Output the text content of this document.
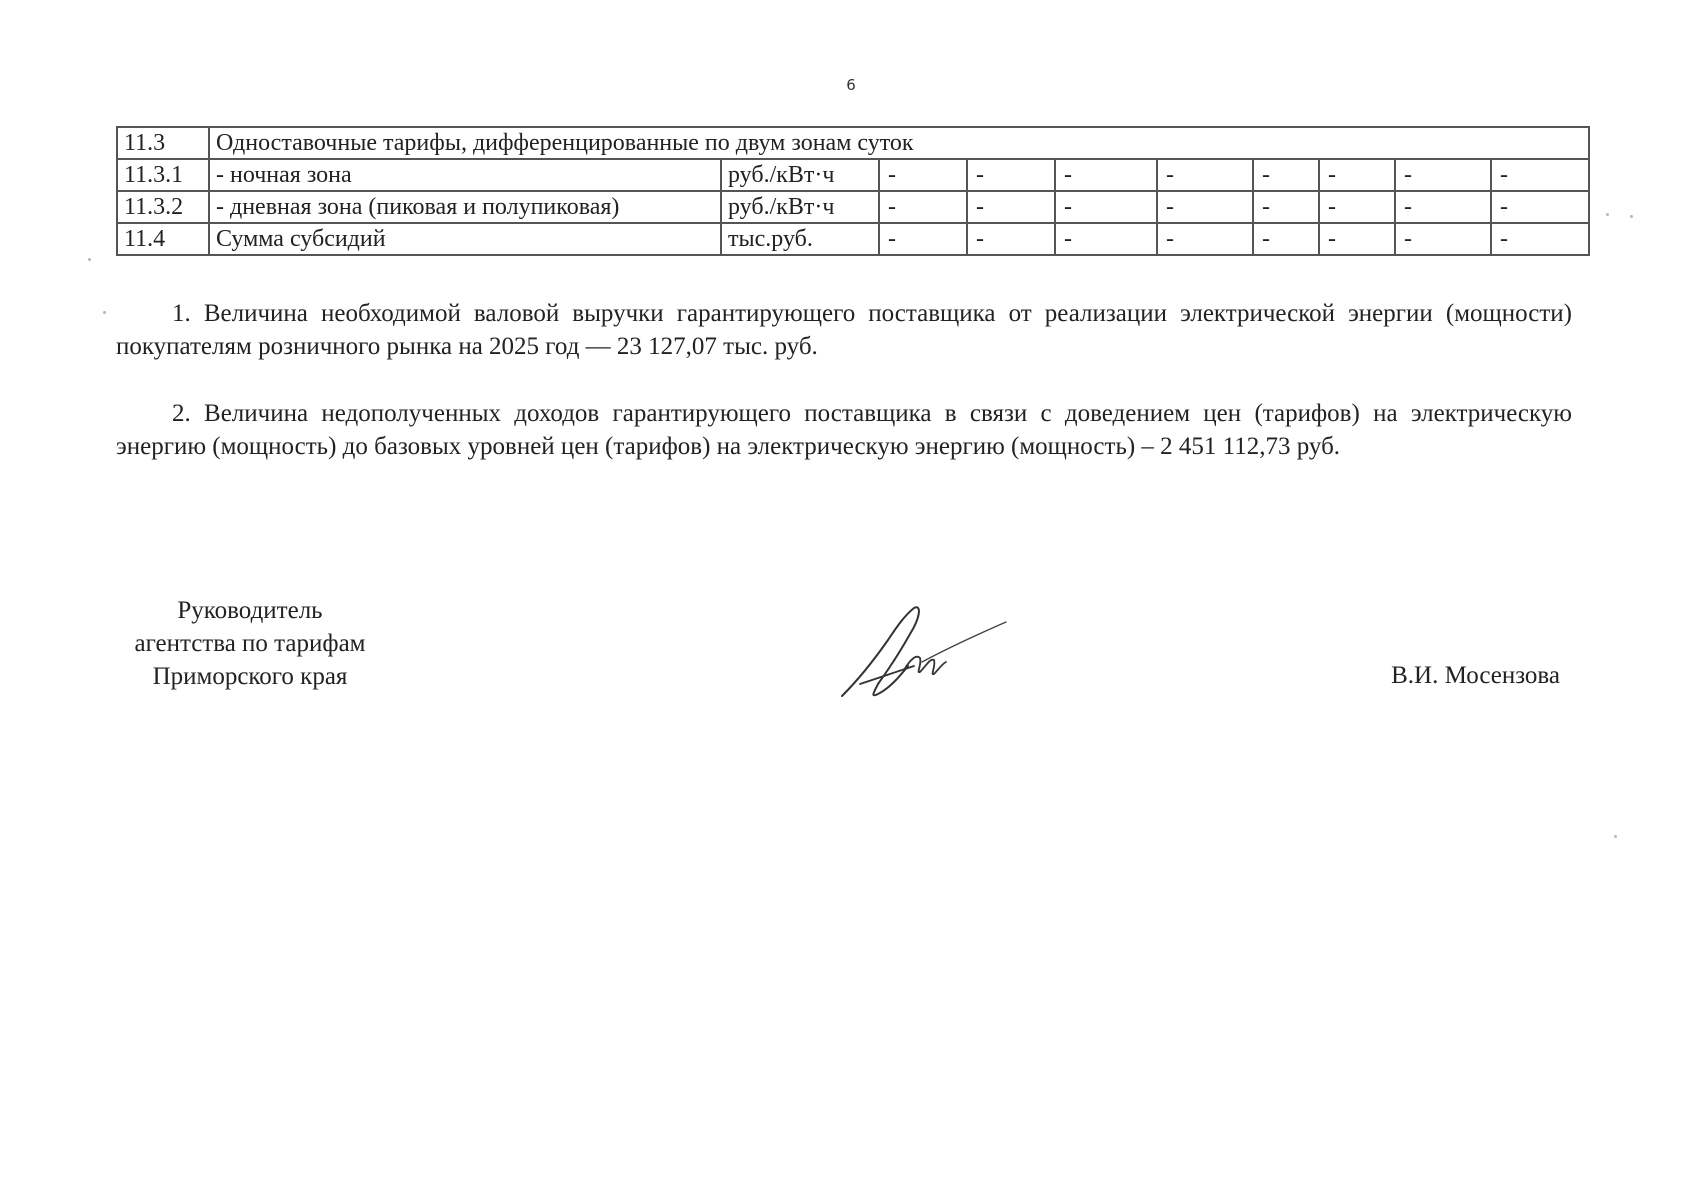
6
11.3	Одноставочные тарифы, дифференцированные по двум зонам суток									
11.3.1	- ночная зона	руб./кВт·ч	-	-	-	-	-	-	-	-
11.3.2	- дневная зона (пиковая и полупиковая)	руб./кВт·ч	-	-	-	-	-	-	-	-
11.4	Сумма субсидий	тыс.руб.	-	-	-	-	-	-	-	-

1. Величина необходимой валовой выручки гарантирующего поставщика от реализации электрической энергии (мощности) покупателям розничного рынка на 2025 год — 23 127,07 тыс. руб.

2. Величина недополученных доходов гарантирующего поставщика в связи с доведением цен (тарифов) на электрическую энергию (мощность) до базовых уровней цен (тарифов) на электрическую энергию (мощность) – 2 451 112,73 руб.

Руководитель
агентства по тарифам
Приморского края	В.И. Мосензова
